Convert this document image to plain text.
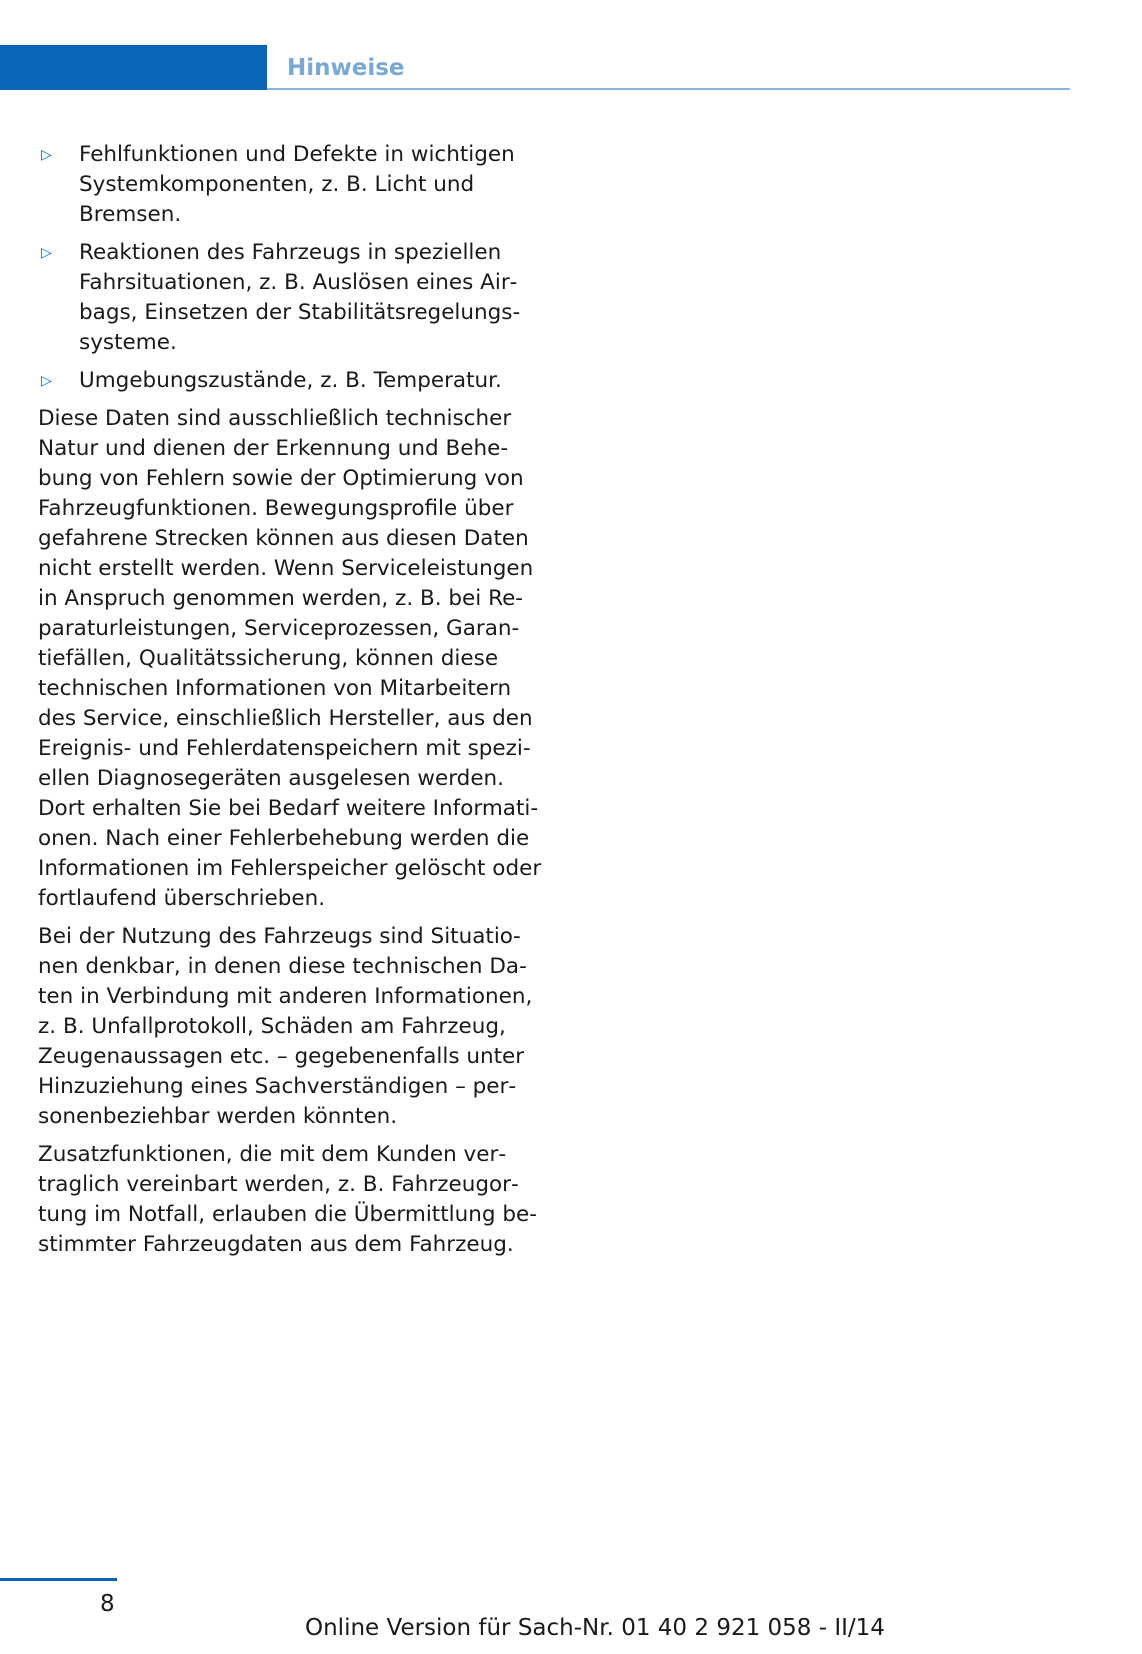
Hinweise
▷ Fehlfunktionen und Defekte in wichtigen
Systemkomponenten, z. B. Licht und
Bremsen.
▷ Reaktionen des Fahrzeugs in speziellen
Fahrsituationen, z. B. Auslösen eines Air‐
bags, Einsetzen der Stabilitätsregelungs‐
systeme.
▷ Umgebungszustände, z. B. Temperatur.
Diese Daten sind ausschließlich technischer
Natur und dienen der Erkennung und Behe‐
bung von Fehlern sowie der Optimierung von
Fahrzeugfunktionen. Bewegungsprofile über
gefahrene Strecken können aus diesen Daten
nicht erstellt werden. Wenn Serviceleistungen
in Anspruch genommen werden, z. B. bei Re‐
paraturleistungen, Serviceprozessen, Garan‐
tiefällen, Qualitätssicherung, können diese
technischen Informationen von Mitarbeitern
des Service, einschließlich Hersteller, aus den
Ereignis- und Fehlerdatenspeichern mit spezi‐
ellen Diagnosegeräten ausgelesen werden.
Dort erhalten Sie bei Bedarf weitere Informati‐
onen. Nach einer Fehlerbehebung werden die
Informationen im Fehlerspeicher gelöscht oder
fortlaufend überschrieben.
Bei der Nutzung des Fahrzeugs sind Situatio‐
nen denkbar, in denen diese technischen Da‐
ten in Verbindung mit anderen Informationen,
z. B. Unfallprotokoll, Schäden am Fahrzeug,
Zeugenaussagen etc. – gegebenenfalls unter
Hinzuziehung eines Sachverständigen – per‐
sonenbeziehbar werden könnten.
Zusatzfunktionen, die mit dem Kunden ver‐
traglich vereinbart werden, z. B. Fahrzeugor‐
tung im Notfall, erlauben die Übermittlung be‐
stimmter Fahrzeugdaten aus dem Fahrzeug.
8
Online Version für Sach-Nr. 01 40 2 921 058 - II/14
